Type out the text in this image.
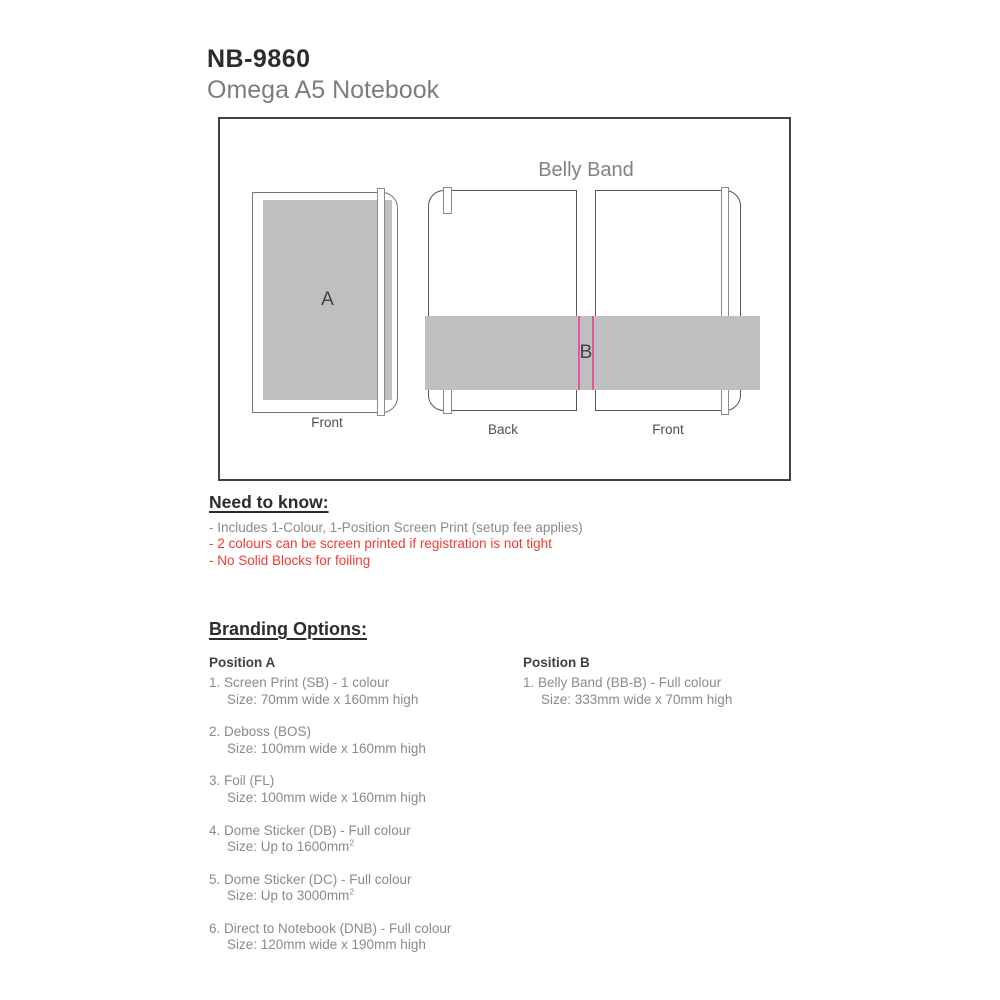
NB-9860
Omega A5 Notebook
A
Front
Belly Band
B
Back	Front
Need to know:
- Includes 1-Colour, 1-Position Screen Print (setup fee applies)
- 2 colours can be screen printed if registration is not tight
- No Solid Blocks for foiling
Branding Options:
Position A
1. Screen Print (SB) - 1 colour
Size: 70mm wide x 160mm high
2. Deboss (BOS)
Size: 100mm wide x 160mm high
3. Foil (FL)
Size: 100mm wide x 160mm high
4. Dome Sticker (DB) - Full colour
Size: Up to $1600mm^2$
5. Dome Sticker (DC) - Full colour
Size: Up to $3000mm^2$
6. Direct to Notebook (DNB) - Full colour
Size: 120mm wide x 190mm high
Position B
1. Belly Band (BB-B) - Full colour
Size: 333mm wide x 70mm high
